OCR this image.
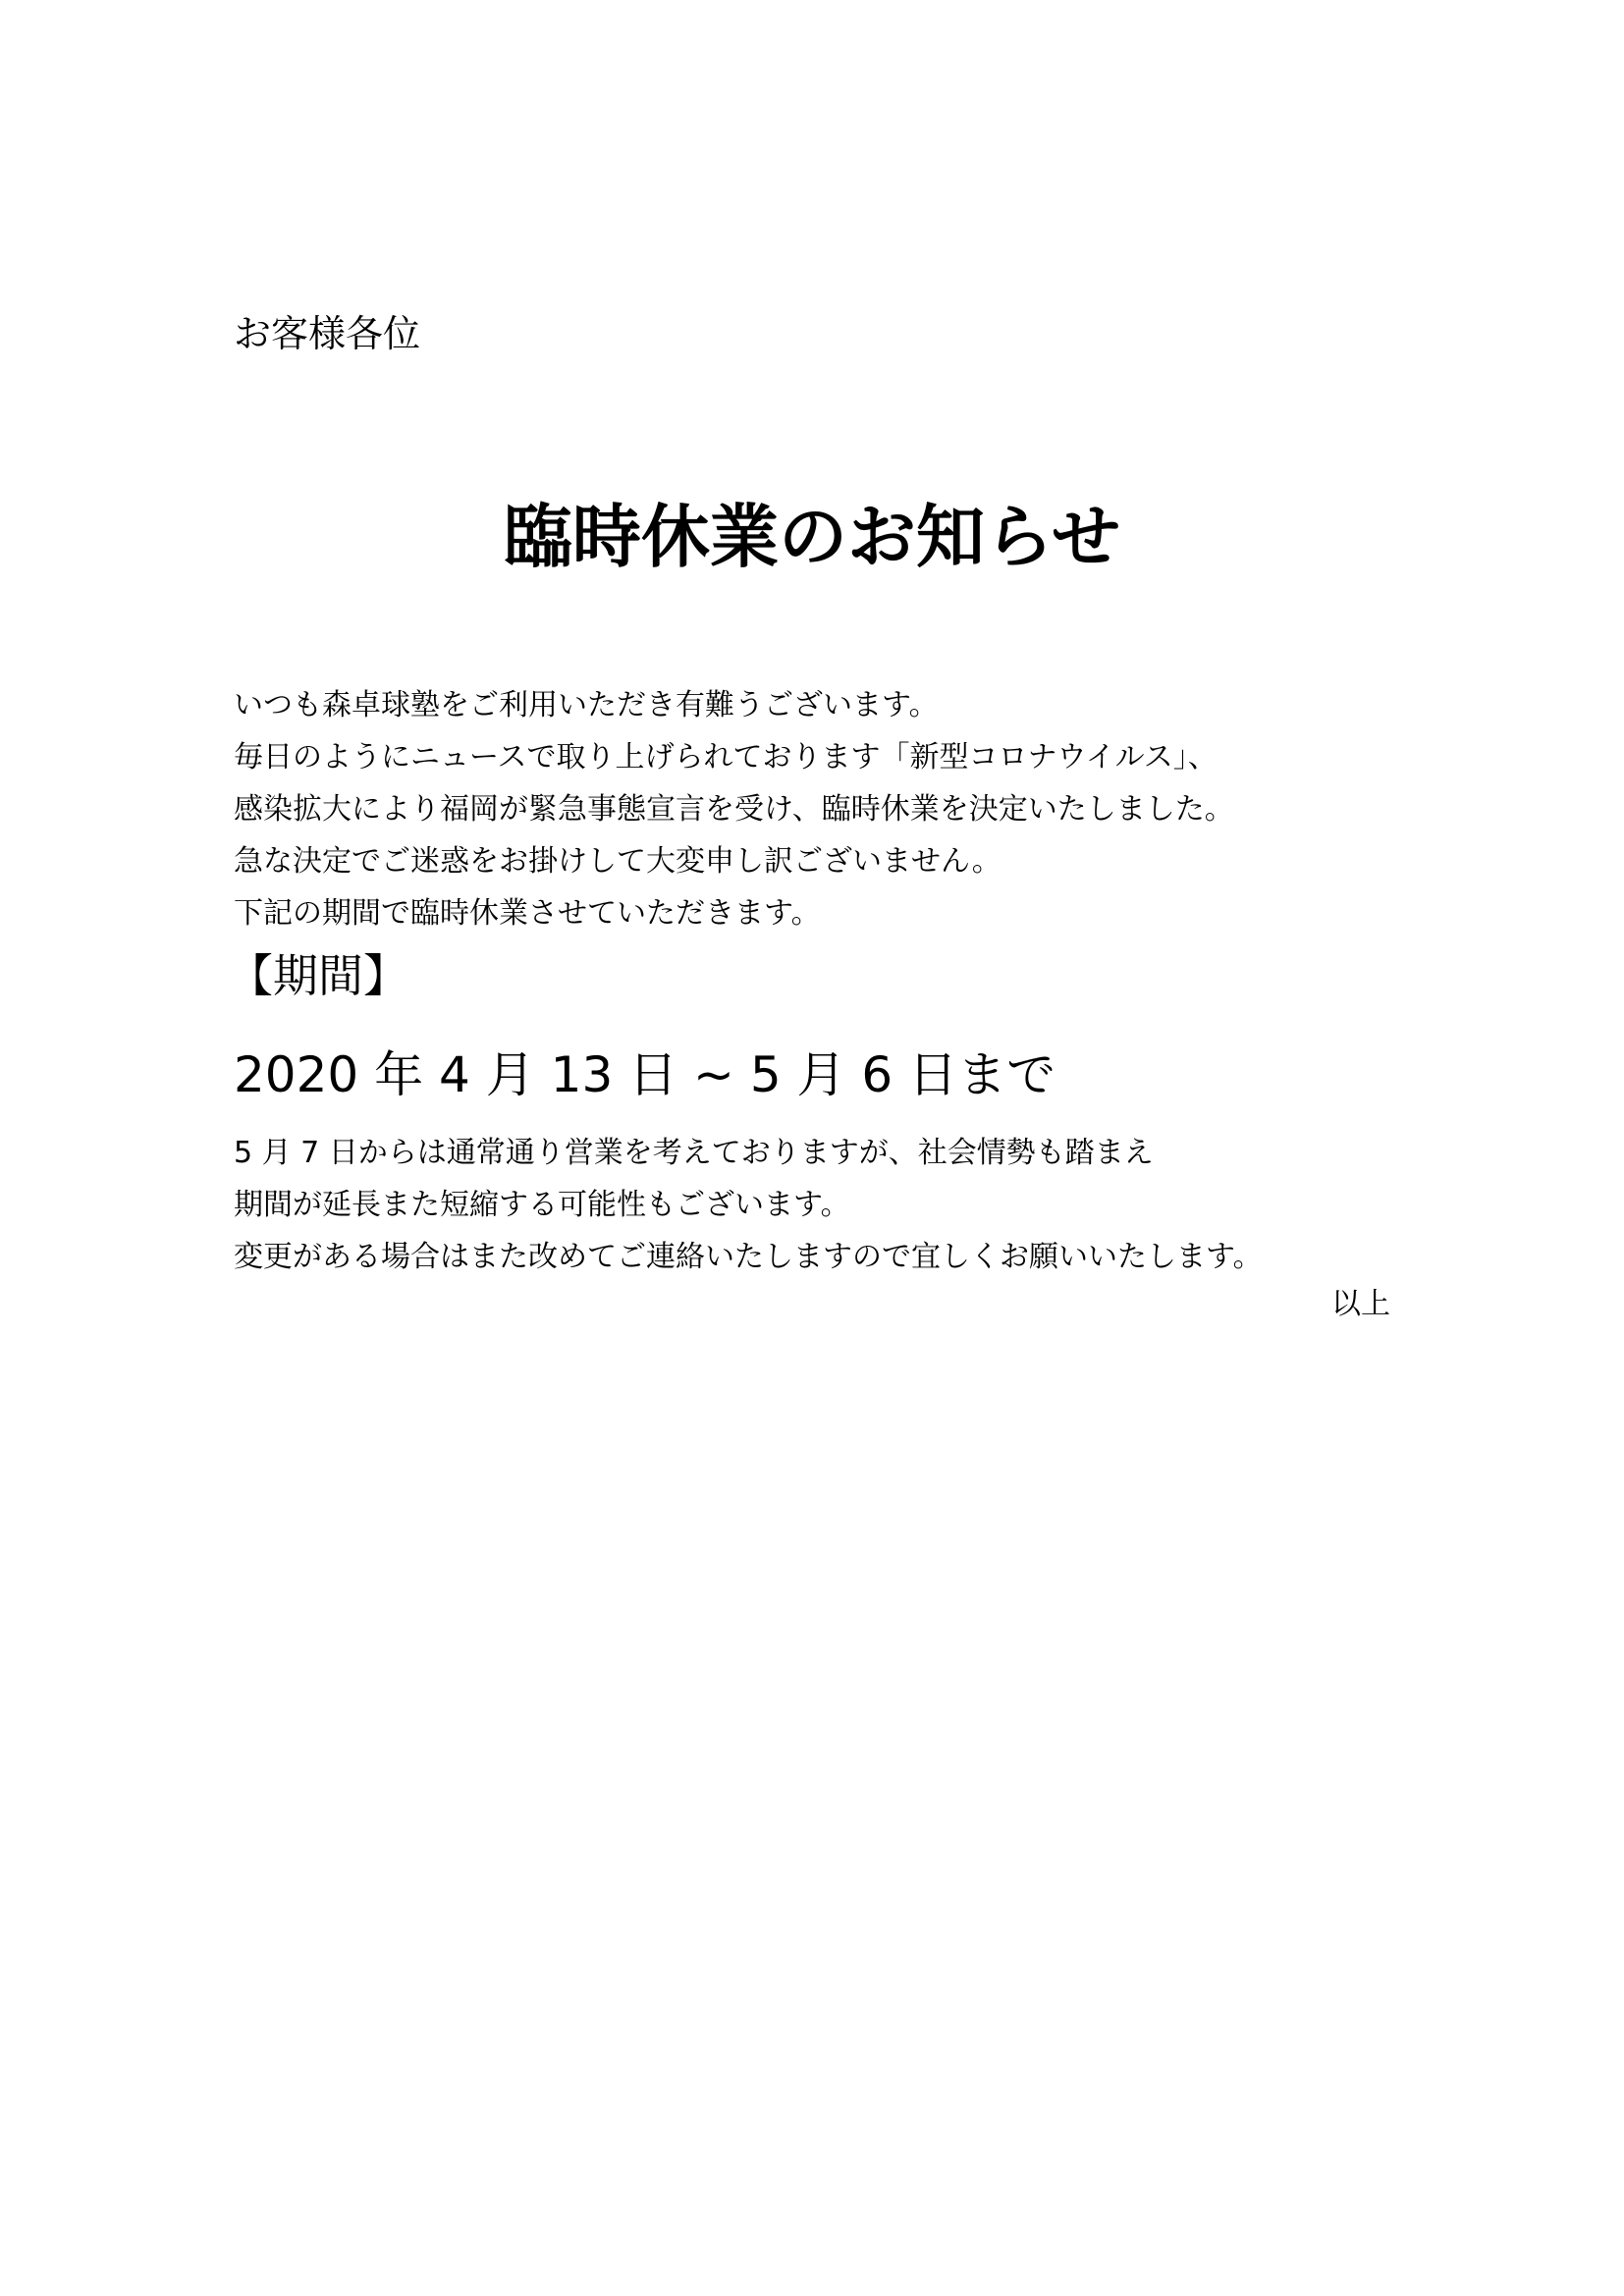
お客様各位
臨時休業のお知らせ
いつも森卓球塾をご利用いただき有難うございます。
毎日のようにニュースで取り上げられております「新型コロナウイルス」、
感染拡大により福岡が緊急事態宣言を受け、臨時休業を決定いたしました。
急な決定でご迷惑をお掛けして大変申し訳ございません。
下記の期間で臨時休業させていただきます。
【期間】
2020 年 4 月 13 日 ~ 5 月 6 日まで
5 月 7 日からは通常通り営業を考えておりますが、社会情勢も踏まえ
期間が延長また短縮する可能性もございます。
変更がある場合はまた改めてご連絡いたしますので宜しくお願いいたします。
以上
